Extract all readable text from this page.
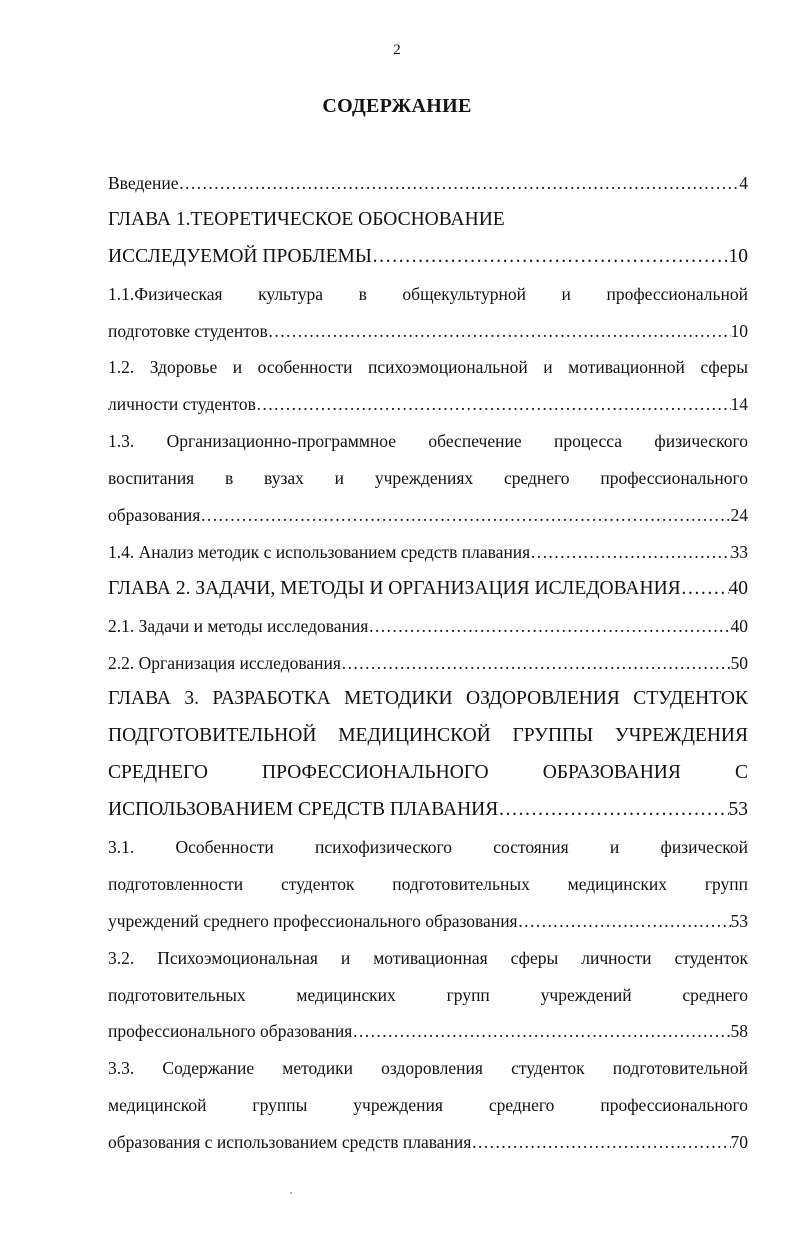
2
СОДЕРЖАНИЕ
Введение ……………………………………………………………………………………………………………………………………………	4
ГЛАВА 1.ТЕОРЕТИЧЕСКОЕ ОБОСНОВАНИЕ
ИССЛЕДУЕМОЙ ПРОБЛЕМЫ ……………………………………………………………………………………………………………………………………………	10
1.1.Физическая культура в общекультурной и профессиональной
подготовке студентов ……………………………………………………………………………………………………………………………………………	10
1.2. Здоровье и особенности психоэмоциональной и мотивационной сферы
личности студентов ……………………………………………………………………………………………………………………………………………	14
1.3. Организационно-программное обеспечение процесса физического
воспитания в вузах и учреждениях среднего профессионального
образования ……………………………………………………………………………………………………………………………………………	24
1.4. Анализ методик с использованием средств плавания ……………………………………………………………………………………………………………………………………………	33
ГЛАВА 2. ЗАДАЧИ, МЕТОДЫ И ОРГАНИЗАЦИЯ ИСЛЕДОВАНИЯ …………………………………………………………………………………………………………………………………………… 40
2.1. Задачи и методы исследования ……………………………………………………………………………………………………………………………………………	40
2.2. Организация исследования ……………………………………………………………………………………………………………………………………………	50
ГЛАВА 3. РАЗРАБОТКА МЕТОДИКИ ОЗДОРОВЛЕНИЯ СТУДЕНТОК
ПОДГОТОВИТЕЛЬНОЙ МЕДИЦИНСКОЙ ГРУППЫ УЧРЕЖДЕНИЯ
СРЕДНЕГО ПРОФЕССИОНАЛЬНОГО ОБРАЗОВАНИЯ С
ИСПОЛЬЗОВАНИЕМ СРЕДСТВ ПЛАВАНИЯ ……………………………………………………………………………………………………………………………………………	53
3.1. Особенности психофизического состояния и физической
подготовленности студенток подготовительных медицинских групп
учреждений среднего профессионального образования ……………………………………………………………………………………………………………………………………………	53
3.2. Психоэмоциональная и мотивационная сферы личности студенток
подготовительных медицинских групп учреждений среднего
профессионального образования ……………………………………………………………………………………………………………………………………………	58
3.3. Содержание методики оздоровления студенток подготовительной
медицинской группы учреждения среднего профессионального
образования с использованием средств плавания ……………………………………………………………………………………………………………………………………………	70
